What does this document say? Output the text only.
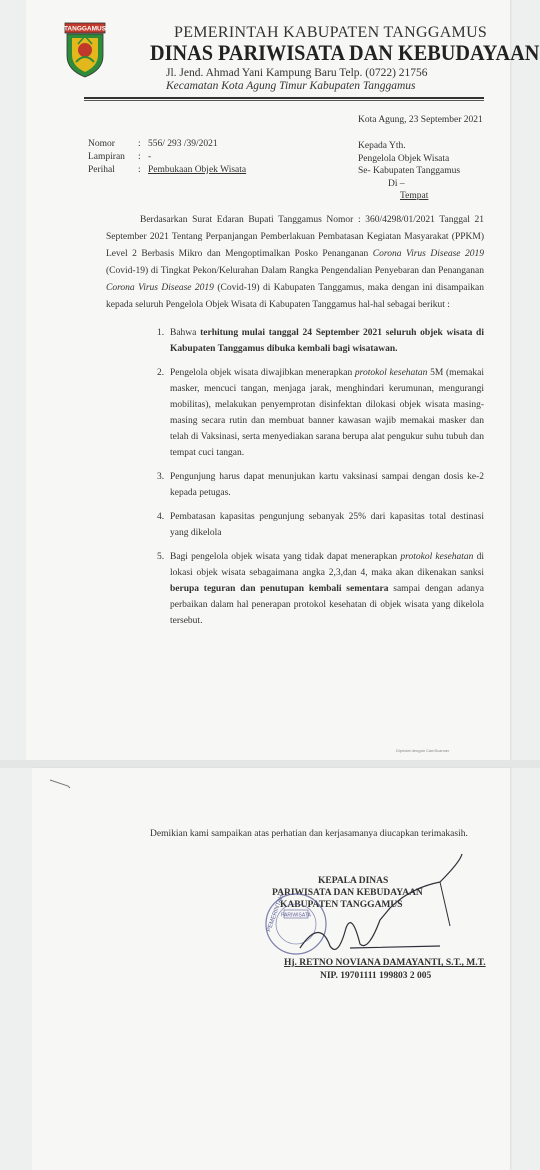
TANGGAMUS	PEMERINTAH KABUPATEN TANGGAMUS
DINAS PARIWISATA DAN KEBUDAYAAN
Jl. Jend. Ahmad Yani Kampung Baru Telp. (0722) 21756
Kecamatan Kota Agung Timur Kabupaten Tanggamus
Kota Agung, 23 September 2021
Nomor : 556/ 293 /39/2021
Lampiran : -
Perihal : Pembukaan Objek Wisata
Kepada Yth.
Pengelola Objek Wisata
Se- Kabupaten Tanggamus
Di –
Tempat
Berdasarkan Surat Edaran Bupati Tanggamus Nomor : 360/4298/01/2021 Tanggal 21 September 2021 Tentang Perpanjangan Pemberlakuan Pembatasan Kegiatan Masyarakat (PPKM) Level 2 Berbasis Mikro dan Mengoptimalkan Posko Penanganan Corona Virus Disease 2019 (Covid-19) di Tingkat Pekon/Kelurahan Dalam Rangka Pengendalian Penyebaran dan Penanganan Corona Virus Disease 2019 (Covid-19) di Kabupaten Tanggamus, maka dengan ini disampaikan kepada seluruh Pengelola Objek Wisata di Kabupaten Tanggamus hal-hal sebagai berikut :
1. Bahwa terhitung mulai tanggal 24 September 2021 seluruh objek wisata di Kabupaten Tanggamus dibuka kembali bagi wisatawan.
2. Pengelola objek wisata diwajibkan menerapkan protokol kesehatan 5M (memakai masker, mencuci tangan, menjaga jarak, menghindari kerumunan, mengurangi mobilitas), melakukan penyemprotan disinfektan dilokasi objek wisata masing-masing secara rutin dan membuat banner kawasan wajib memakai masker dan telah di Vaksinasi, serta menyediakan sarana berupa alat pengukur suhu tubuh dan tempat cuci tangan.
3. Pengunjung harus dapat menunjukan kartu vaksinasi sampai dengan dosis ke-2 kepada petugas.
4. Pembatasan kapasitas pengunjung sebanyak 25% dari kapasitas total destinasi yang dikelola
5. Bagi pengelola objek wisata yang tidak dapat menerapkan protokol kesehatan di lokasi objek wisata sebagaimana angka 2,3,dan 4, maka akan dikenakan sanksi berupa teguran dan penutupan kembali sementara sampai dengan adanya perbaikan dalam hal penerapan protokol kesehatan di objek wisata yang dikelola tersebut.
Dipindai dengan CamScanner
Demikian kami sampaikan atas perhatian dan kerjasamanya diucapkan terimakasih.
KEPALA DINAS
PARIWISATA DAN KEBUDAYAAN
KABUPATEN TANGGAMUS
PARIWISATA
PEMERINTAH
Hj. RETNO NOVIANA DAMAYANTI, S.T., M.T.
NIP. 19701111 199803 2 005
